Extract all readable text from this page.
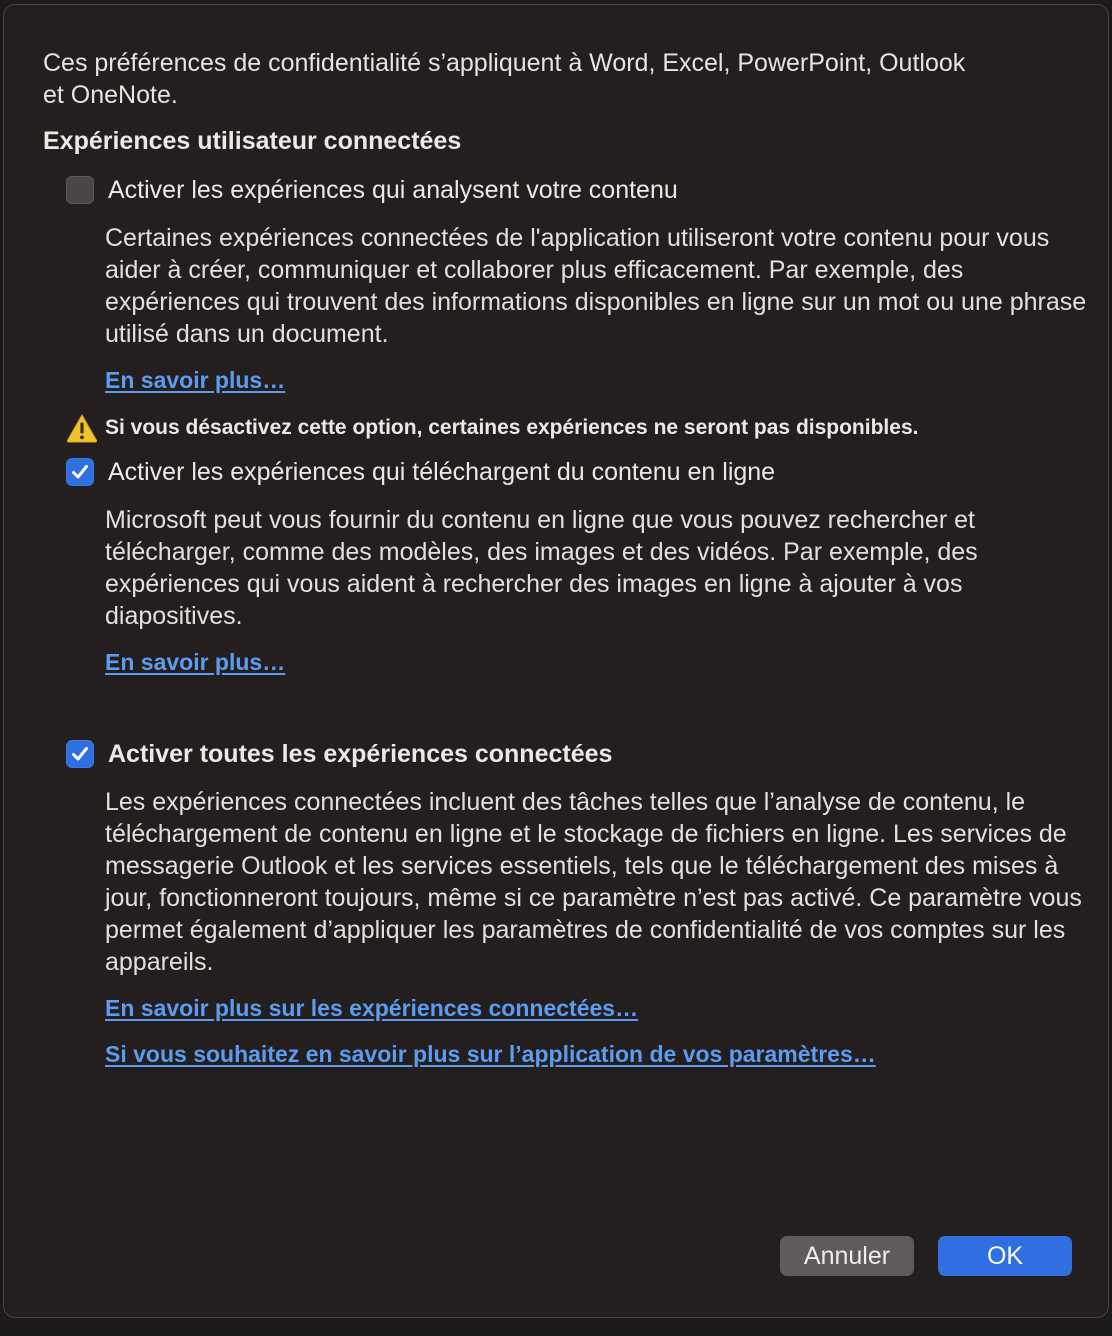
Ces préférences de confidentialité s’appliquent à Word, Excel, PowerPoint, Outlook
et OneNote.
Expériences utilisateur connectées
Activer les expériences qui analysent votre contenu
Certaines expériences connectées de l'application utiliseront votre contenu pour vous aider à créer, communiquer et collaborer plus efficacement. Par exemple, des expériences qui trouvent des informations disponibles en ligne sur un mot ou une phrase utilisé dans un document.
En savoir plus…
Si vous désactivez cette option, certaines expériences ne seront pas disponibles.
Activer les expériences qui téléchargent du contenu en ligne
Microsoft peut vous fournir du contenu en ligne que vous pouvez rechercher et télécharger, comme des modèles, des images et des vidéos. Par exemple, des expériences qui vous aident à rechercher des images en ligne à ajouter à vos diapositives.
En savoir plus…
Activer toutes les expériences connectées
Les expériences connectées incluent des tâches telles que l’analyse de contenu, le téléchargement de contenu en ligne et le stockage de fichiers en ligne. Les services de messagerie Outlook et les services essentiels, tels que le téléchargement des mises à jour, fonctionneront toujours, même si ce paramètre n’est pas activé. Ce paramètre vous permet également d’appliquer les paramètres de confidentialité de vos comptes sur les appareils.
En savoir plus sur les expériences connectées…
Si vous souhaitez en savoir plus sur l’application de vos paramètres…
Annuler	OK
